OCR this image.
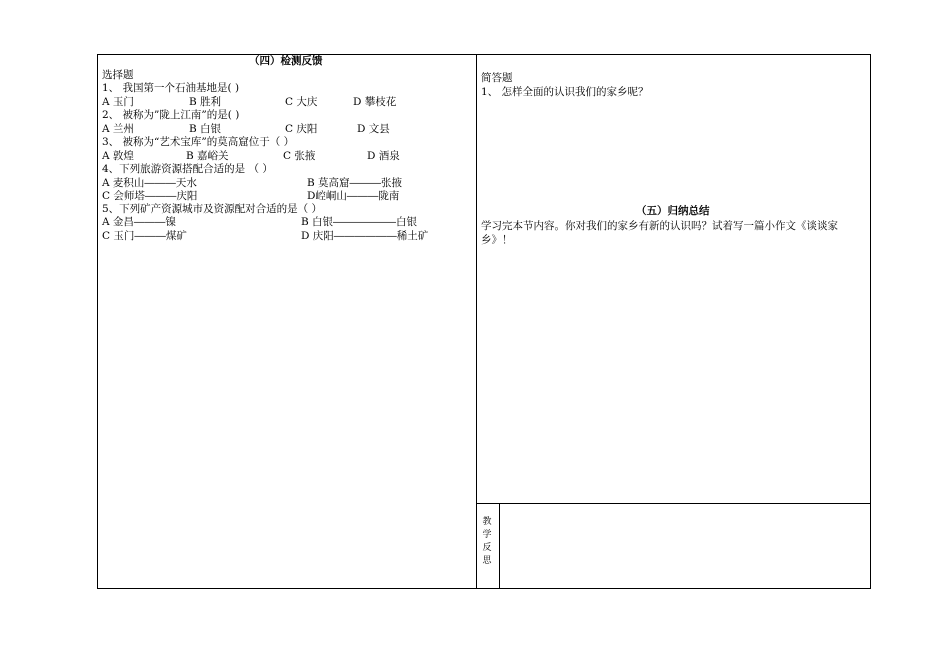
（四）检测反馈
选择题
1、 我国第一个石油基地是( )
A 玉门	B 胜利	C 大庆	D 攀枝花
2、 被称为”陇上江南”的是( )
A 兰州	B 白银	C 庆阳	D 文县
3、 被称为“艺术宝库”的莫高窟位于（ ）
A 敦煌	B 嘉峪关	C 张掖	D 酒泉
4、下列旅游资源搭配合适的是 （ ）
A 麦积山―――天水	B 莫高窟―――张掖
C 会师塔―――庆阳	D崆峒山―――陇南
5、下列矿产资源城市及资源配对合适的是（ ）
A 金昌―――镍	B 白银――――――白银
C 玉门―――煤矿	D 庆阳――――――稀土矿
简答题
1、 怎样全面的认识我们的家乡呢？
（五）归纳总结
学习完本节内容。你对我们的家乡有新的认识吗？试着写一篇小作文《谈谈家乡》！
教
学
反
思
